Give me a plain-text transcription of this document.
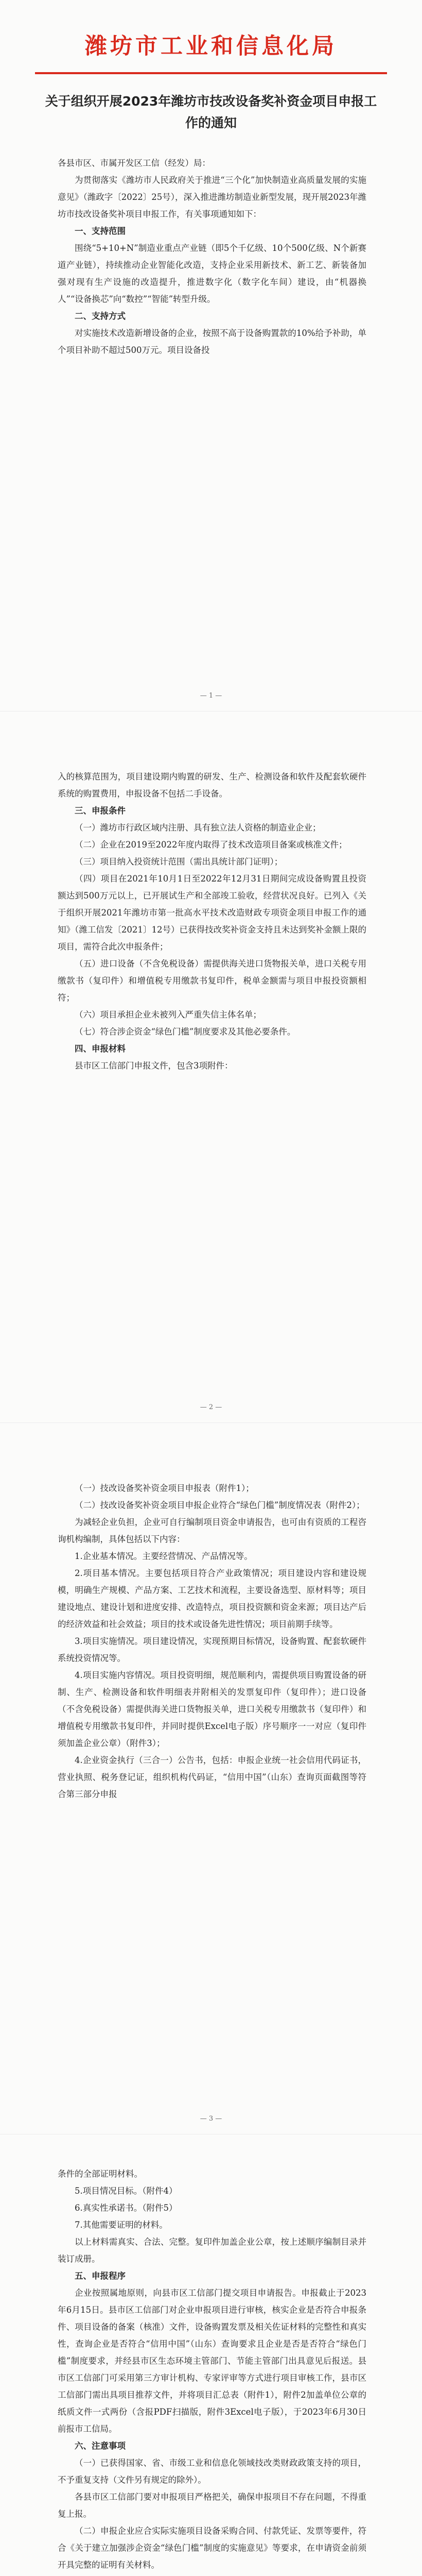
潍坊市工业和信息化局
关于组织开展2023年潍坊市技改设备奖补资金项目申报工作的通知

各县市区、市属开发区工信（经发）局：

为贯彻落实《潍坊市人民政府关于推进“三个化”加快制造业高质量发展的实施意见》（潍政字〔2022〕25号），深入推进潍坊制造业新型发展，现开展2023年潍坊市技改设备奖补项目申报工作，有关事项通知如下：

一、支持范围

围绕“5+10+N”制造业重点产业链（即5个千亿级、10个500亿级、N个新赛道产业链），持续推动企业智能化改造，支持企业采用新技术、新工艺、新装备加强对现有生产设施的改造提升，推进数字化（数字化车间）建设，由“机器换人”“设备换芯”向“数控”“智能”转型升级。

二、支持方式

对实施技术改造新增设备的企业，按照不高于设备购置款的10%给予补助，单个项目补助不超过500万元。项目设备投

— 1 —

入的核算范围为，项目建设期内购置的研发、生产、检测设备和软件及配套软硬件系统的购置费用，申报设备不包括二手设备。

三、申报条件

（一）潍坊市行政区域内注册、具有独立法人资格的制造业企业；

（二）企业在2019至2022年度内取得了技术改造项目备案或核准文件；

（三）项目纳入投资统计范围（需出具统计部门证明）；

（四）项目在2021年10月1日至2022年12月31日期间完成设备购置且投资额达到500万元以上，已开展试生产和全部竣工验收，经营状况良好。已列入《关于组织开展2021年潍坊市第一批高水平技术改造财政专项资金项目申报工作的通知》（潍工信发〔2021〕12号）已获得技改奖补资金支持且未达到奖补金额上限的项目，需符合此次申报条件；

（五）进口设备（不含免税设备）需提供海关进口货物报关单，进口关税专用缴款书（复印件）和增值税专用缴款书复印件，税单金额需与项目申报投资额相符；

（六）项目承担企业未被列入严重失信主体名单；

（七）符合涉企资金“绿色门槛”制度要求及其他必要条件。

四、申报材料

县市区工信部门申报文件，包含3项附件：

— 2 —

（一）技改设备奖补资金项目申报表（附件1）；

（二）技改设备奖补资金项目申报企业符合“绿色门槛”制度情况表（附件2）；

为减轻企业负担，企业可自行编制项目资金申请报告，也可由有资质的工程咨询机构编制，具体包括以下内容：

1.企业基本情况。主要经营情况、产品情况等。

2.项目基本情况。主要包括项目符合产业政策情况；项目建设内容和建设规模，明确生产规模、产品方案、工艺技术和流程，主要设备选型、原材料等；项目建设地点、建设计划和进度安排、改造特点，项目投资额和资金来源；项目达产后的经济效益和社会效益；项目的技术或设备先进性情况；项目前期手续等。

3.项目实施情况。项目建设情况，实现预期目标情况，设备购置、配套软硬件系统投资情况等。

4.项目实施内容情况。项目投资明细，规范顺利内，需提供项目购置设备的研制、生产、检测设备和软件明细表并附相关的发票复印件（复印件）；进口设备（不含免税设备）需提供海关进口货物报关单，进口关税专用缴款书（复印件）和增值税专用缴款书复印件，并同时提供Excel电子版）序号顺序一一对应（复印件须加盖企业公章）（附件3）；

4.企业资金执行（三合一）公告书，包括：申报企业统一社会信用代码证书，营业执照、税务登记证，组织机构代码证，“信用中国”（山东）查询页面截图等符合第三部分申报

— 3 —

条件的全部证明材料。

5.项目情况目标。（附件4）

6.真实性承诺书。（附件5）

7.其他需要证明的材料。

以上材料需真实、合法、完整。复印件加盖企业公章，按上述顺序编制目录并装订成册。

五、申报程序

企业按照属地原则，向县市区工信部门提交项目申请报告。申报截止于2023年6月15日。县市区工信部门对企业申报项目进行审核，核实企业是否符合申报条件、项目设备的备案（核准）文件，设备购置发票及相关佐证材料的完整性和真实性，查询企业是否符合“信用中国”（山东）查询要求且企业是否是否符合“绿色门槛”制度要求，并经县市区生态环境主管部门、节能主管部门出具意见后报送。县市区工信部门可采用第三方审计机构、专家评审等方式进行项目审核工作，县市区工信部门需出具项目推荐文件，并将项目汇总表（附件1），附件2加盖单位公章的纸质文件一式两份（含报PDF扫描版，附件3Excel电子版），于2023年6月30日前报市工信局。

六、注意事项

（一）已获得国家、省、市级工业和信息化领域技改类财政政策支持的项目，不予重复支持（文件另有规定的除外）。

各县市区工信部门要对申报项目严格把关，确保申报项目不存在问题，不得重复上报。

（二）申报企业应合实际实施项目设备采购合同、付款凭证、发票等要件，符合《关于建立加强涉企资金“绿色门槛”制度的实施意见》等要求，在申请资金前须开具完整的证明有关材料。
